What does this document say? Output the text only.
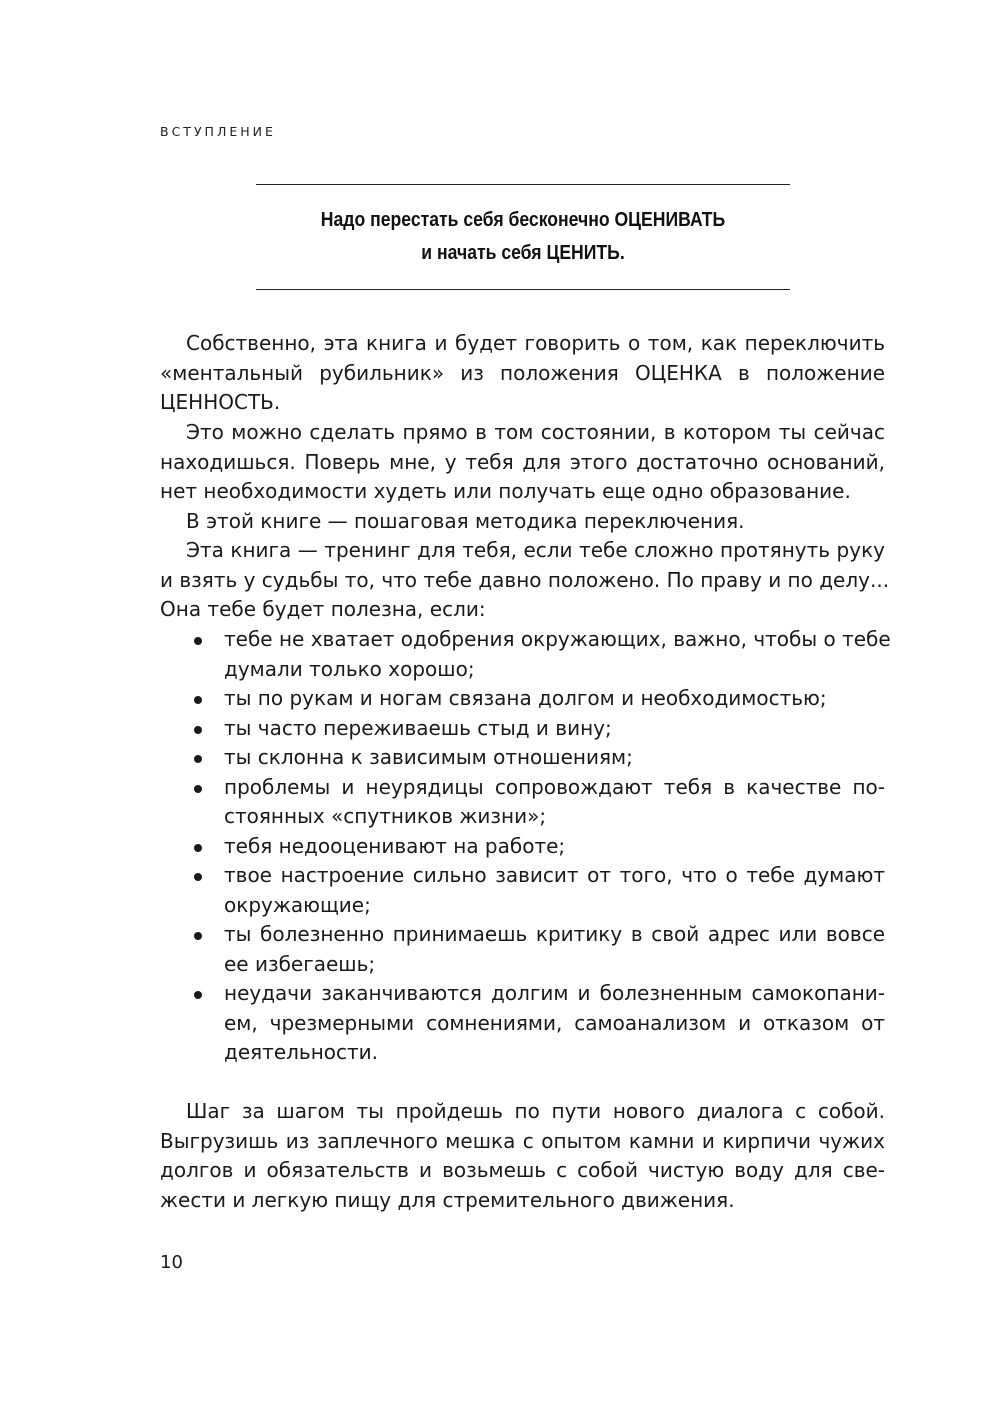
ВСТУПЛЕНИЕ
Надо перестать себя бесконечно ОЦЕНИВАТЬ
и начать себя ЦЕНИТЬ.
Собственно, эта книга и будет говорить о том, как переключить
«ментальный рубильник» из положения ОЦЕНКА в положение
ЦЕННОСТЬ.
Это можно сделать прямо в том состоянии, в котором ты сейчас
находишься. Поверь мне, у тебя для этого достаточно оснований,
нет необходимости худеть или получать еще одно образование.
В этой книге — пошаговая методика переключения.
Эта книга — тренинг для тебя, если тебе сложно протянуть руку
и взять у судьбы то, что тебе давно положено. По праву и по делу...
Она тебе будет полезна, если:
тебе не хватает одобрения окружающих, важно, чтобы о тебе
думали только хорошо;
ты по рукам и ногам связана долгом и необходимостью;
ты часто переживаешь стыд и вину;
ты склонна к зависимым отношениям;
проблемы и неурядицы сопровождают тебя в качестве по-
стоянных «спутников жизни»;
тебя недооценивают на работе;
твое настроение сильно зависит от того, что о тебе думают
окружающие;
ты болезненно принимаешь критику в свой адрес или вовсе
ее избегаешь;
неудачи заканчиваются долгим и болезненным самокопани-
ем, чрезмерными сомнениями, самоанализом и отказом от
деятельности.
Шаг за шагом ты пройдешь по пути нового диалога с собой.
Выгрузишь из заплечного мешка с опытом камни и кирпичи чужих
долгов и обязательств и возьмешь с собой чистую воду для све-
жести и легкую пищу для стремительного движения.
10
